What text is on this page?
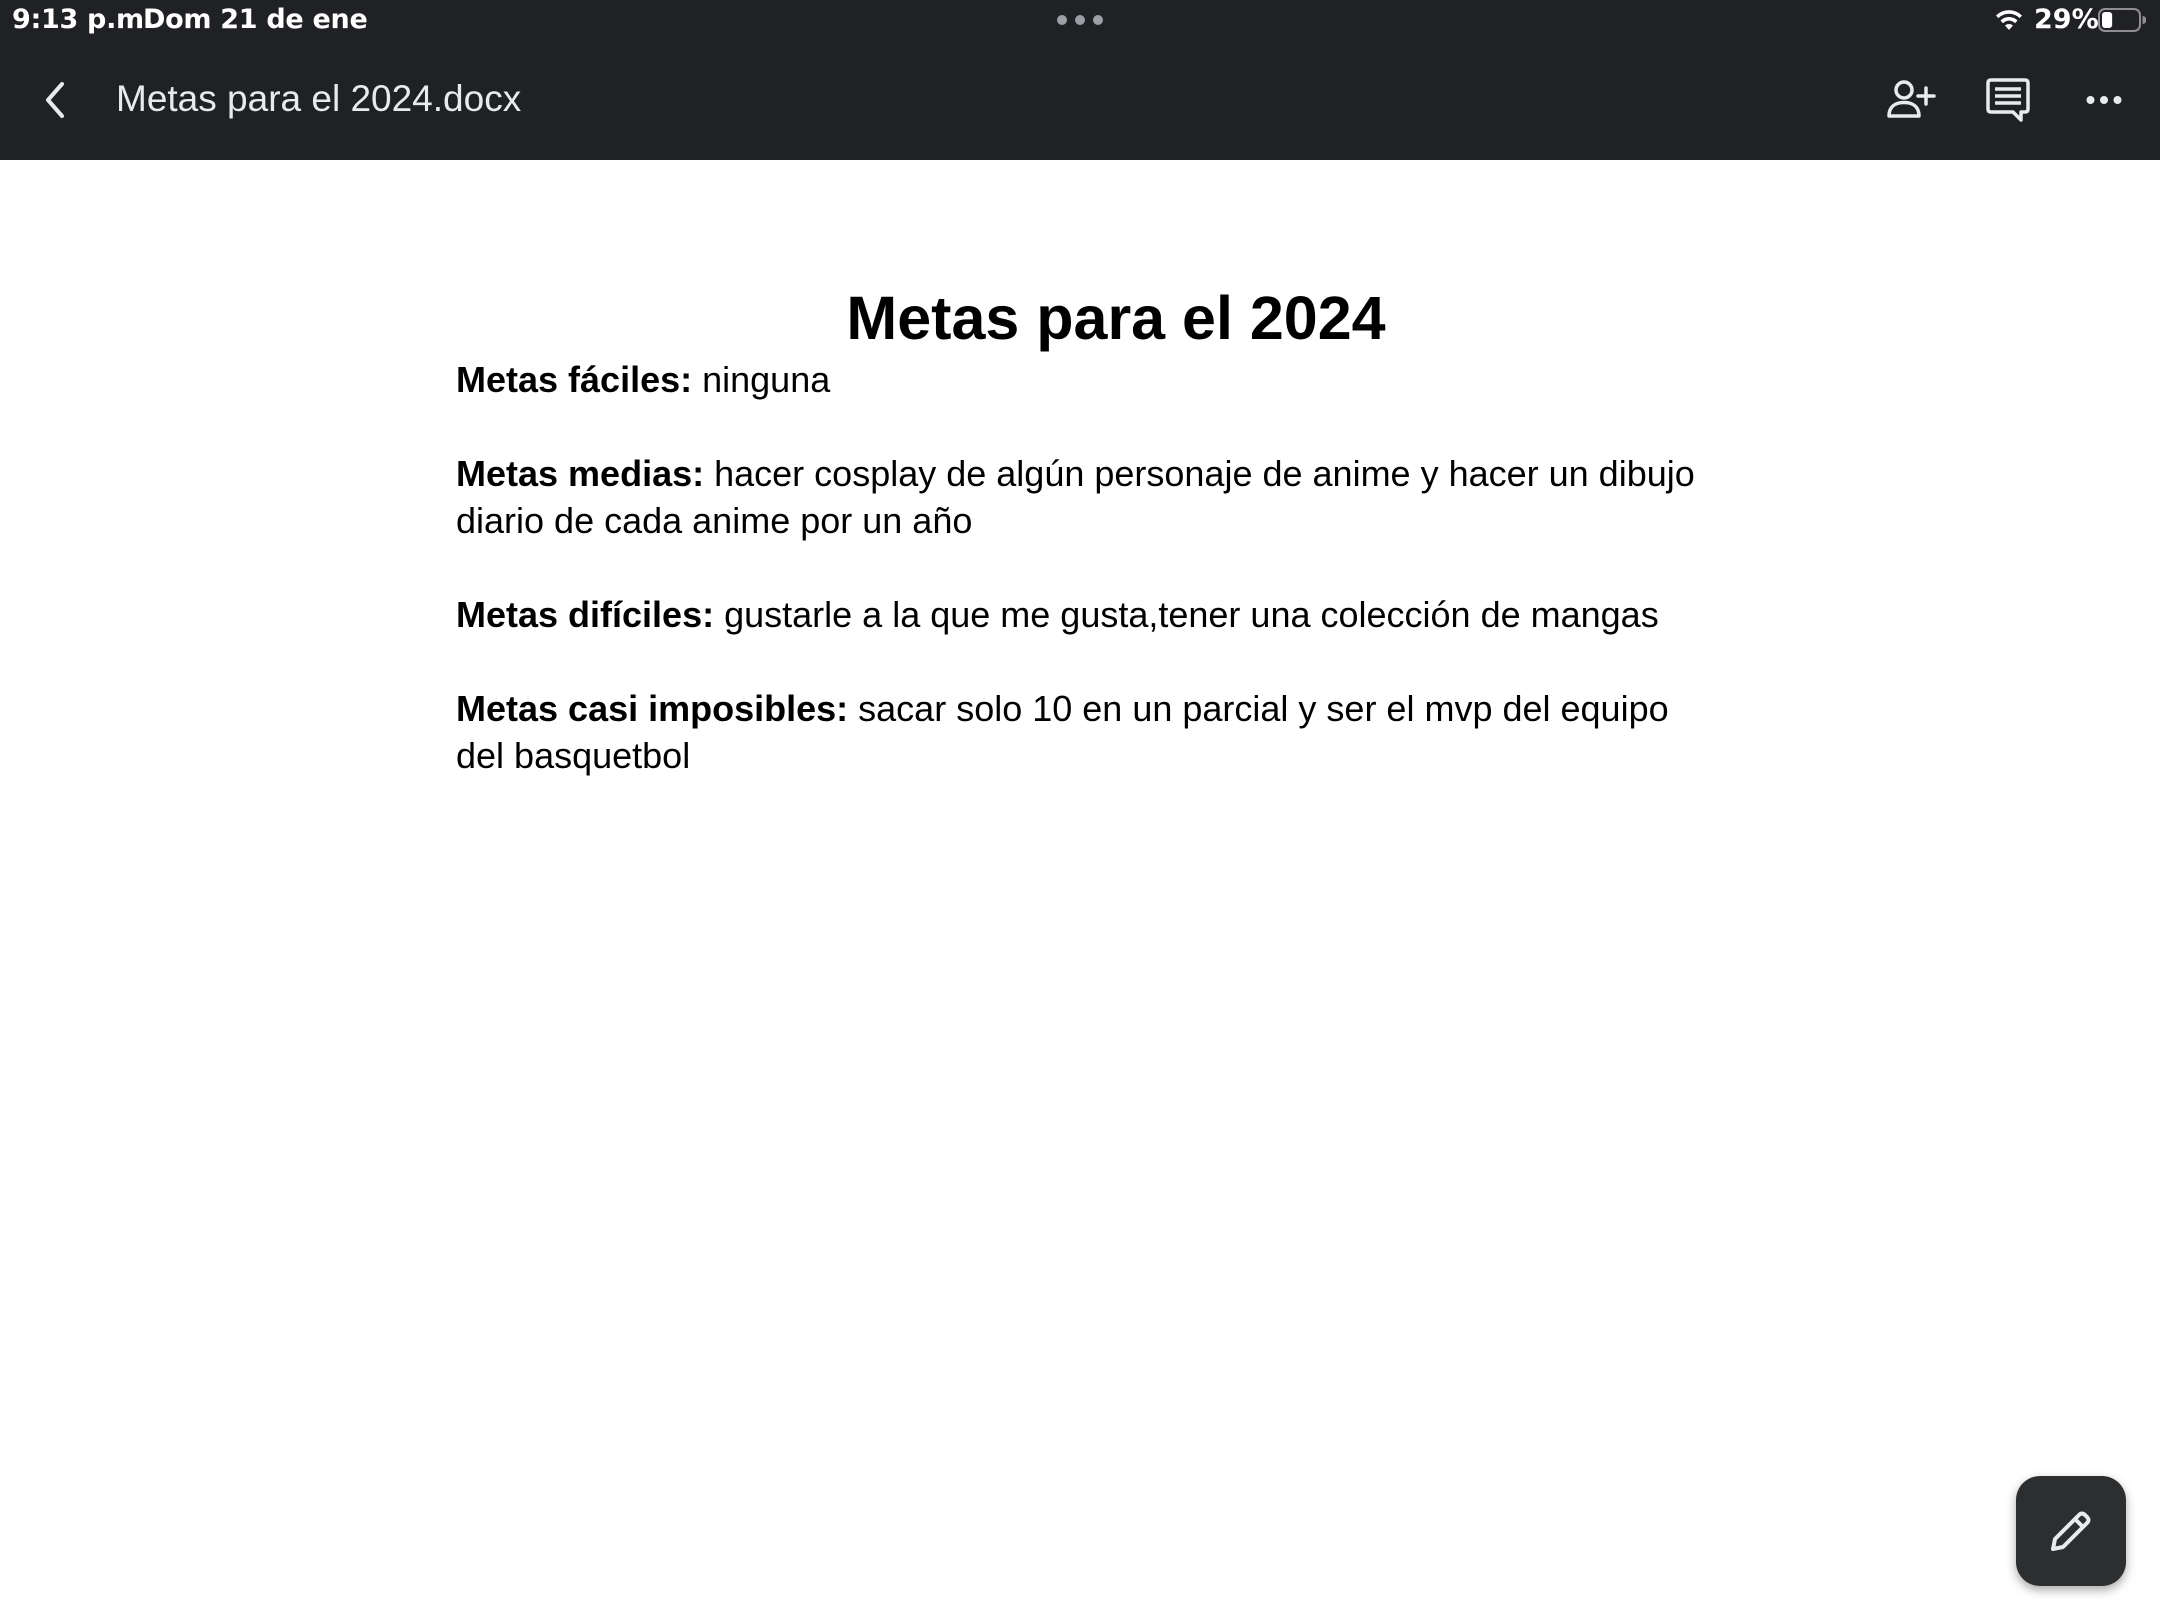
9:13 p.m.
Dom 21 de ene	29%
Metas para el 2024.docx
Metas para el 2024

Metas fáciles: ninguna

Metas medias: hacer cosplay de algún personaje de anime y hacer un dibujo diario de cada anime por un año

Metas difíciles: gustarle a la que me gusta,tener una colección de mangas

Metas casi imposibles: sacar solo 10 en un parcial y ser el mvp del equipo del basquetbol
